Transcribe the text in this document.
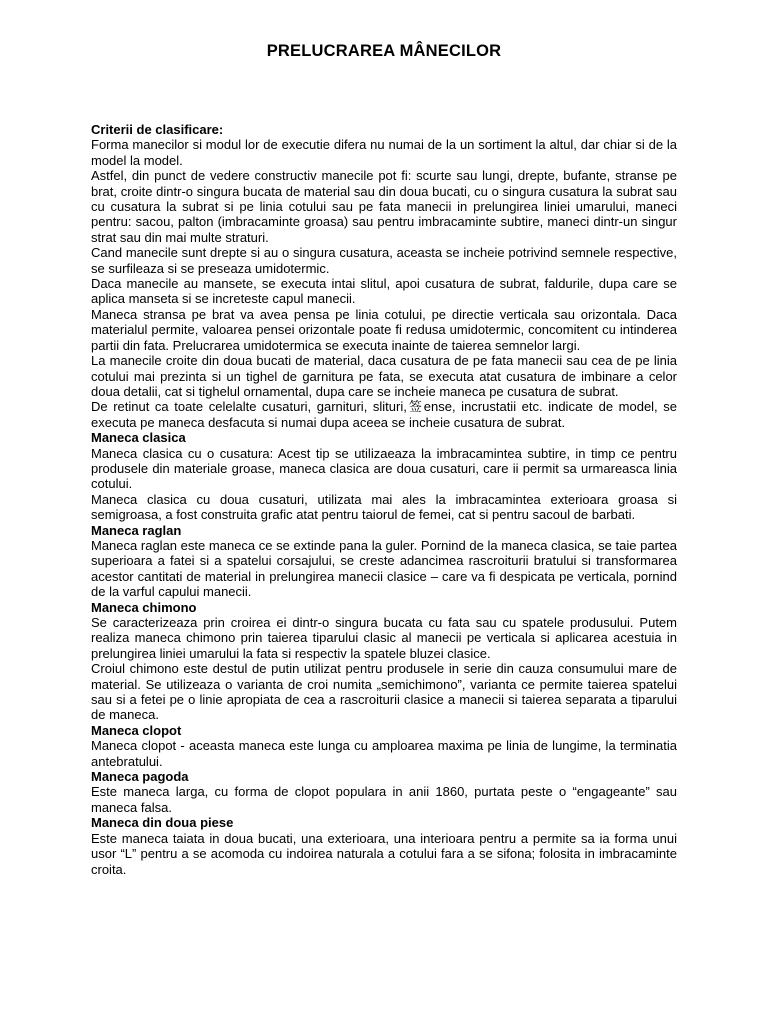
PRELUCRAREA MÂNECILOR
Criterii de clasificare:

Forma manecilor si modul lor de executie difera nu numai de la un sortiment la altul, dar chiar si de la model la model.

Astfel, din punct de vedere constructiv manecile pot fi: scurte sau lungi, drepte, bufante, stranse pe brat, croite dintr-o singura bucata de material sau din doua bucati, cu o singura cusatura la subrat sau cu cusatura la subrat si pe linia cotului sau pe fata manecii in prelungirea liniei umarului, maneci pentru: sacou, palton (imbracaminte groasa) sau pentru imbracaminte subtire, maneci dintr-un singur strat sau din mai multe straturi.

Cand manecile sunt drepte si au o singura cusatura, aceasta se incheie potrivind semnele respective, se surfileaza si se preseaza umidotermic.

Daca manecile au mansete, se executa intai slitul, apoi cusatura de subrat, faldurile, dupa care se aplica manseta si se increteste capul manecii.

Maneca stransa pe brat va avea pensa pe linia cotului, pe directie verticala sau orizontala. Daca materialul permite, valoarea pensei orizontale poate fi redusa umidotermic, concomitent cu intinderea partii din fata. Prelucrarea umidotermica se executa inainte de taierea semnelor largi.

La manecile croite din doua bucati de material, daca cusatura de pe fata manecii sau cea de pe linia cotului mai prezinta si un tighel de garnitura pe fata, se executa atat cusatura de imbinare a celor doua detalii, cat si tighelul ornamental, dupa care se incheie maneca pe cusatura de subrat.

De retinut ca toate celelalte cusaturi, garnituri, slituri,签ense, incrustatii etc. indicate de model, se executa pe maneca desfacuta si numai dupa aceea se incheie cusatura de subrat.

Maneca clasica

Maneca clasica cu o cusatura: Acest tip se utilizaeaza la imbracamintea subtire, in timp ce pentru produsele din materiale groase, maneca clasica are doua cusaturi, care ii permit sa urmareasca linia cotului.

Maneca clasica cu doua cusaturi, utilizata mai ales la imbracamintea exterioara groasa si semigroasa, a fost construita grafic atat pentru taiorul de femei, cat si pentru sacoul de barbati.

Maneca raglan

Maneca raglan este maneca ce se extinde pana la guler. Pornind de la maneca clasica, se taie partea superioara a fatei si a spatelui corsajului, se creste adancimea rascroiturii bratului si transformarea acestor cantitati de material in prelungirea manecii clasice – care va fi despicata pe verticala, pornind de la varful capului manecii.

Maneca chimono

Se caracterizeaza prin croirea ei dintr-o singura bucata cu fata sau cu spatele produsului. Putem realiza maneca chimono prin taierea tiparului clasic al manecii pe verticala si aplicarea acestuia in prelungirea liniei umarului la fata si respectiv la spatele bluzei clasice.

Croiul chimono este destul de putin utilizat pentru produsele in serie din cauza consumului mare de material. Se utilizeaza o varianta de croi numita „semichimono”, varianta ce permite taierea spatelui sau si a fetei pe o linie apropiata de cea a rascroiturii clasice a manecii si taierea separata a tiparului de maneca.

Maneca clopot

Maneca clopot - aceasta maneca este lunga cu amploarea maxima pe linia de lungime, la terminatia antebratului.

Maneca pagoda

Este maneca larga, cu forma de clopot populara in anii 1860, purtata peste o “engageante” sau maneca falsa.

Maneca din doua piese

Este maneca taiata in doua bucati, una exterioara, una interioara pentru a permite sa ia forma unui usor “L” pentru a se acomoda cu indoirea naturala a cotului fara a se sifona; folosita in imbracaminte croita.
